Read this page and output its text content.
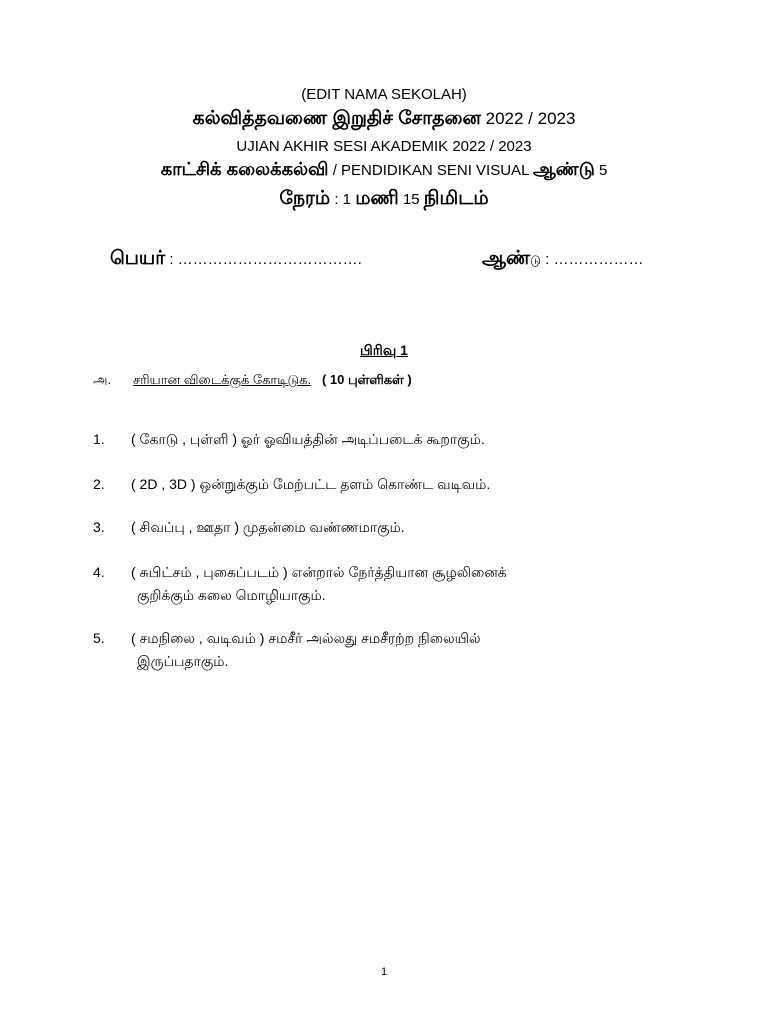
(EDIT NAMA SEKOLAH)
கல்வித்தவணை இறுதிச் சோதனை 2022 / 2023
UJIAN AKHIR SESI AKADEMIK 2022 / 2023
காட்சிக் கலைக்கல்வி / PENDIDIKAN SENI VISUAL ஆண்டு 5
நேரம் : 1 மணி 15 நிமிடம்
பெயர் : ……………………………….	ஆண்டு : ………………
பிரிவு 1
அ. சரியான விடைக்குக் கோடிடுக. ( 10 புள்ளிகள் )
1. ( கோடு , புள்ளி ) ஓர் ஓவியத்தின் அடிப்படைக் கூறாகும்.
2. ( 2D , 3D ) ஒன்றுக்கும் மேற்பட்ட தளம் கொண்ட வடிவம்.
3. ( சிவப்பு , ஊதா ) முதன்மை வண்ணமாகும்.
4. ( சுபிட்சம் , புகைப்படம் ) என்றால் நேர்த்தியான சூழலினைக்
குறிக்கும் கலை மொழியாகும்.
5. ( சமநிலை , வடிவம் ) சமசீர் அல்லது சமசீரற்ற நிலையில்
இருப்பதாகும்.
1
